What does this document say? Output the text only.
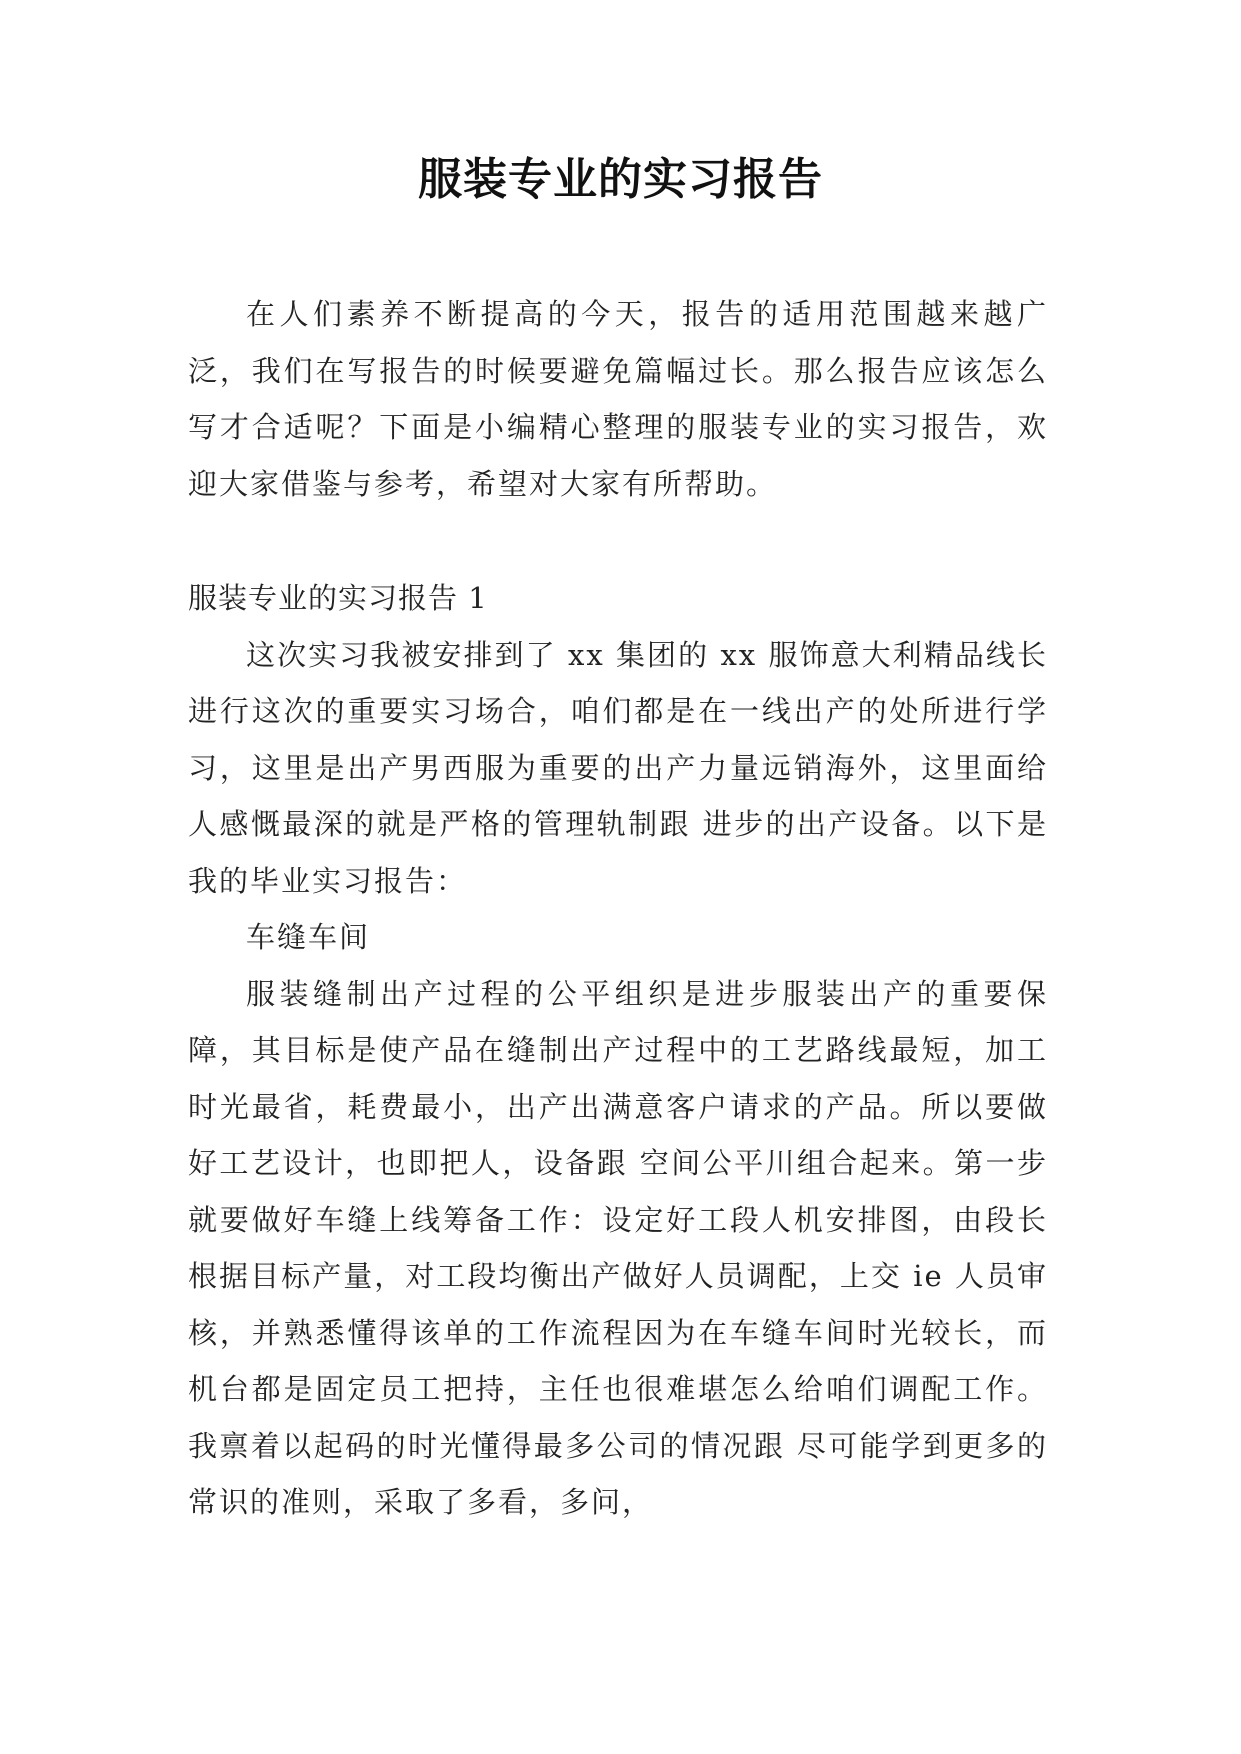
服装专业的实习报告

在人们素养不断提高的今天，报告的适用范围越来越广泛，我们在写报告的时候要避免篇幅过长。那么报告应该怎么写才合适呢？下面是小编精心整理的服装专业的实习报告，欢迎大家借鉴与参考，希望对大家有所帮助。

服装专业的实习报告 1

这次实习我被安排到了 xx 集团的 xx 服饰意大利精品线长进行这次的重要实习场合，咱们都是在一线出产的处所进行学习，这里是出产男西服为重要的出产力量远销海外，这里面给人感慨最深的就是严格的管理轨制跟 进步的出产设备。以下是我的毕业实习报告：

车缝车间

服装缝制出产过程的公平组织是进步服装出产的重要保障，其目标是使产品在缝制出产过程中的工艺路线最短，加工时光最省，耗费最小，出产出满意客户请求的产品。所以要做好工艺设计，也即把人，设备跟 空间公平川组合起来。第一步就要做好车缝上线筹备工作：设定好工段人机安排图，由段长根据目标产量，对工段均衡出产做好人员调配，上交 ie 人员审核，并熟悉懂得该单的工作流程因为在车缝车间时光较长，而机台都是固定员工把持，主任也很难堪怎么给咱们调配工作。我禀着以起码的时光懂得最多公司的情况跟 尽可能学到更多的常识的准则，采取了多看，多问，
